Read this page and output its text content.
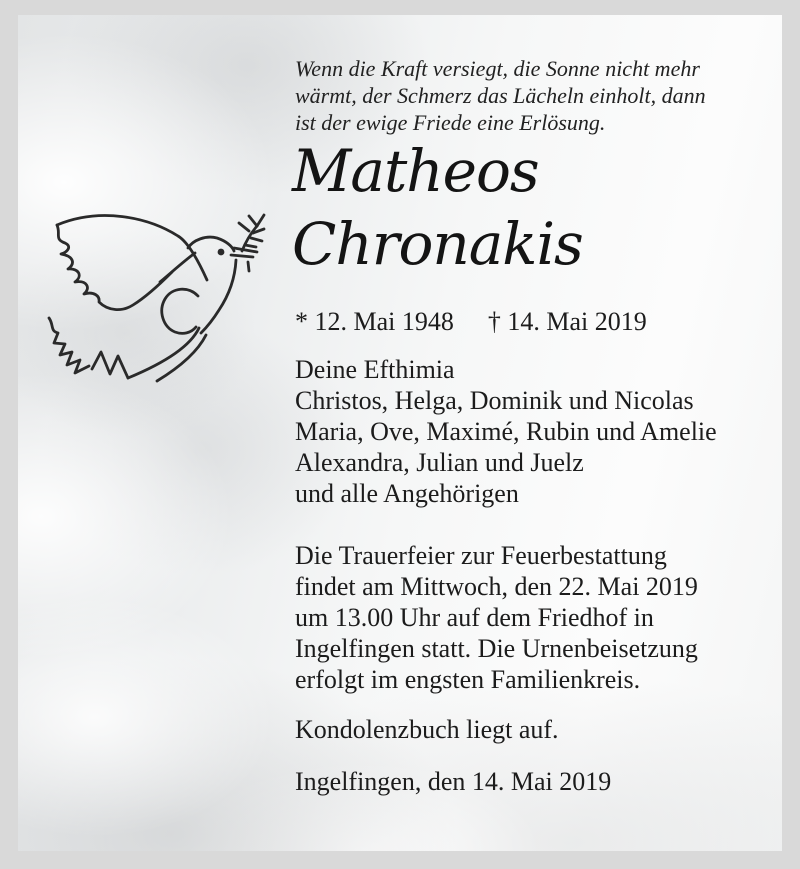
Wenn die Kraft versiegt, die Sonne nicht mehr
wärmt, der Schmerz das Lächeln einholt, dann
ist der ewige Friede eine Erlösung.
Matheos
Chronakis
* 12. Mai 1948 † 14. Mai 2019
Deine Efthimia
Christos, Helga, Dominik und Nicolas
Maria, Ove, Maximé, Rubin und Amelie
Alexandra, Julian und Juelz
und alle Angehörigen
Die Trauerfeier zur Feuerbestattung
findet am Mittwoch, den 22. Mai 2019
um 13.00 Uhr auf dem Friedhof in
Ingelfingen statt. Die Urnenbeisetzung
erfolgt im engsten Familienkreis.
Kondolenzbuch liegt auf.
Ingelfingen, den 14. Mai 2019
